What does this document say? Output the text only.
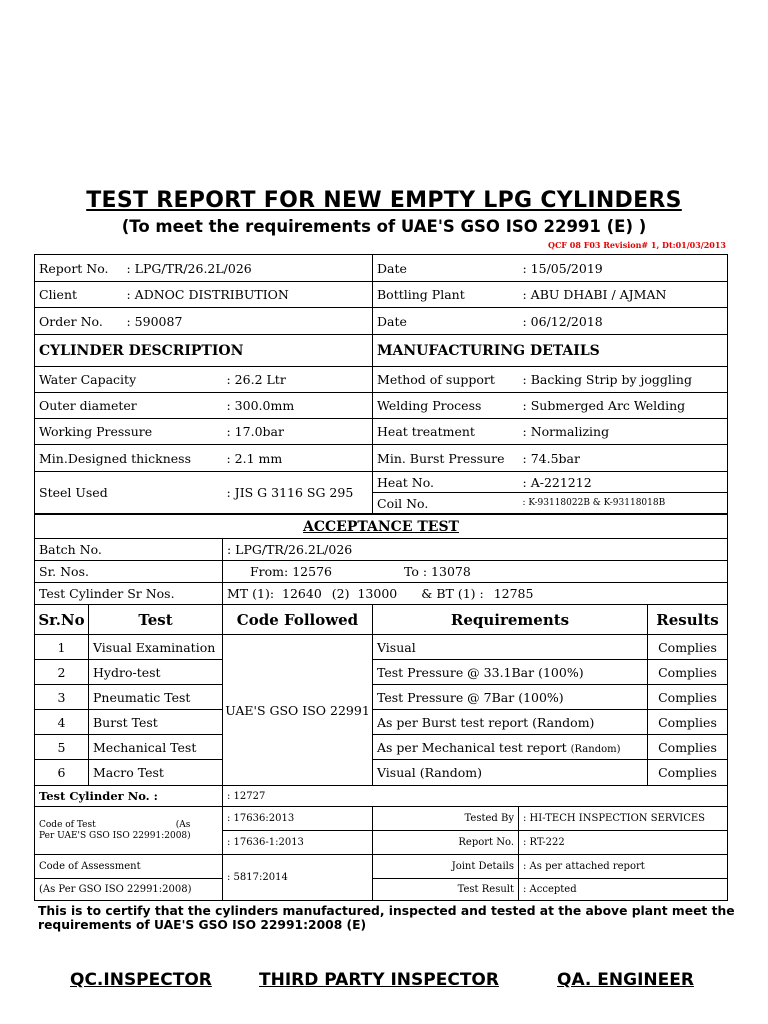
TEST REPORT FOR NEW EMPTY LPG CYLINDERS
(To meet the requirements of UAE'S GSO ISO 22991 (E) )
QCF 08 F03 Revision# 1, Dt:01/03/2013
Report No.	: LPG/TR/26.2L/026	Date	: 15/05/2019
Client	: ADNOC DISTRIBUTION	Bottling Plant	: ABU DHABI / AJMAN
Order No.	: 590087	Date	: 06/12/2018
CYLINDER DESCRIPTION		MANUFACTURING DETAILS	
Water Capacity	: 26.2 Ltr	Method of support	: Backing Strip by joggling
Outer diameter	: 300.0mm	Welding Process	: Submerged Arc Welding
Working Pressure	: 17.0bar	Heat treatment	: Normalizing
Min.Designed thickness	: 2.1 mm	Min. Burst Pressure	: 74.5bar
Steel Used	: JIS G 3116 SG 295	Heat No.	: A-221212
		Coil No.	: K-93118022B & K-93118018B
ACCEPTANCE TEST	
Batch No.	: LPG/TR/26.2L/026
Sr. Nos.	From: 12576 To : 13078
Test Cylinder Sr Nos.	MT (1): 12640 (2) 13000 & BT (1) : 12785
Sr.No	Test	Code Followed	Requirements	Results
1	Visual Examination	UAE'S GSO ISO 22991	Visual	Complies
2	Hydro-test		Test Pressure @ 33.1Bar (100%)	Complies
3	Pneumatic Test		Test Pressure @ 7Bar (100%)	Complies
4	Burst Test		As per Burst test report (Random)	Complies
5	Mechanical Test		As per Mechanical test report (Random)	Complies
6	Macro Test		Visual (Random)	Complies
Test Cylinder No. :	: 12727		

Code of Test (As
Per UAE'S GSO ISO 22991:2008)	: 17636:2013	Tested By	: HI-TECH INSPECTION SERVICES
	: 17636-1:2013	Report No.	: RT-222
Code of Assessment	: 5817:2014	Joint Details	: As per attached report
(As Per GSO ISO 22991:2008)		Test Result	: Accepted
This is to certify that the cylinders manufactured, inspected and tested at the above plant meet the requirements of UAE'S GSO ISO 22991:2008 (E)
QC.INSPECTOR	THIRD PARTY INSPECTOR	QA. ENGINEER
